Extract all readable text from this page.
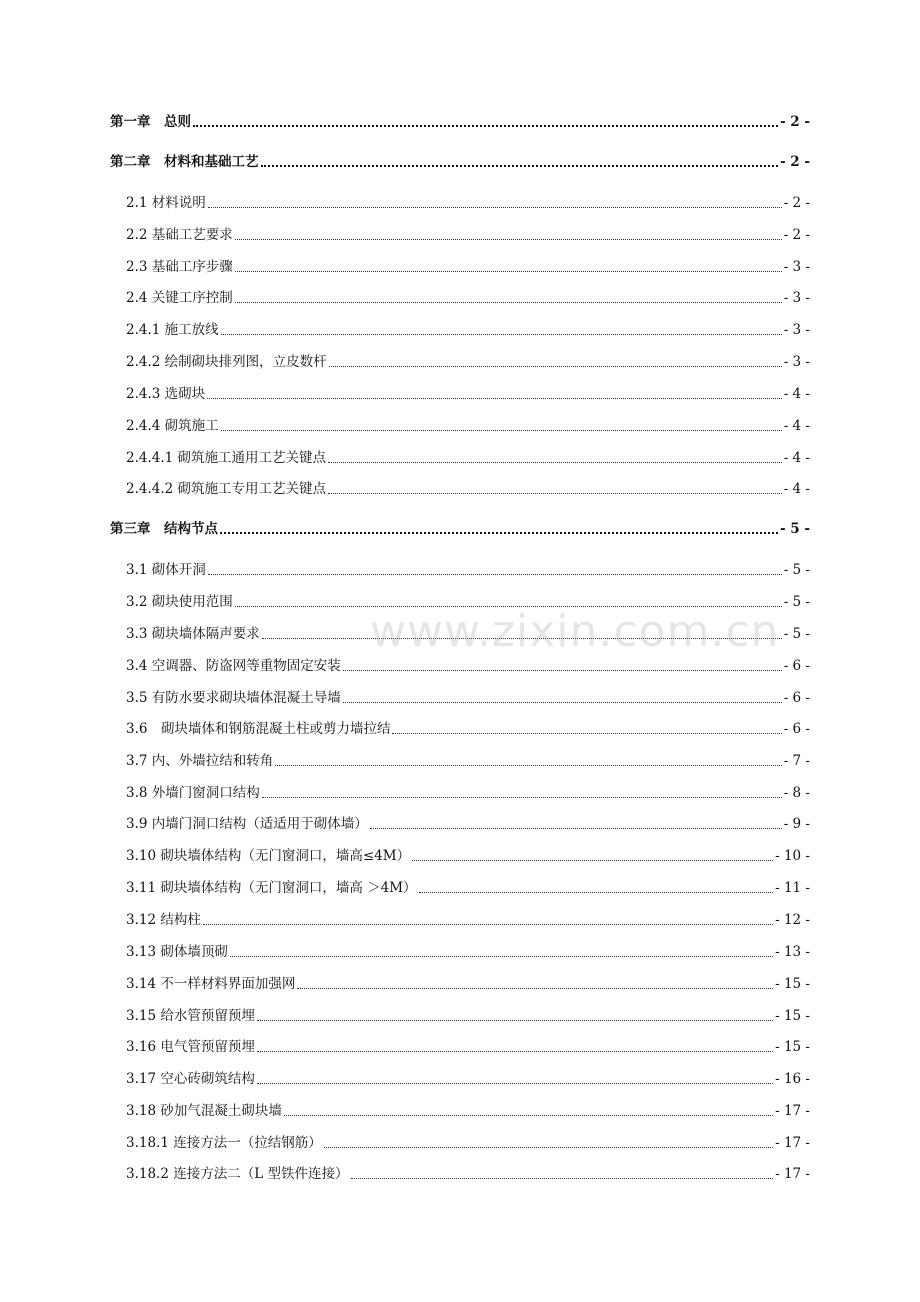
第一章　总则	- 2 -
第二章　材料和基础工艺	- 2 -
2.1 材料说明	- 2 -
2.2 基础工艺要求	- 2 -
2.3 基础工序步骤	- 3 -
2.4 关键工序控制	- 3 -
2.4.1 施工放线	- 3 -
2.4.2 绘制砌块排列图，立皮数杆	- 3 -
2.4.3 选砌块	- 4 -
2.4.4 砌筑施工	- 4 -
2.4.4.1 砌筑施工通用工艺关键点	- 4 -
2.4.4.2 砌筑施工专用工艺关键点	- 4 -
第三章　结构节点	- 5 -
3.1 砌体开洞	- 5 -
3.2 砌块使用范围	- 5 -
3.3 砌块墙体隔声要求	- 5 -
3.4 空调器、防盗网等重物固定安装	- 6 -
3.5 有防水要求砌块墙体混凝土导墙	- 6 -
3.6　砌块墙体和钢筋混凝土柱或剪力墙拉结	- 6 -
3.7 内、外墙拉结和转角	- 7 -
3.8 外墙门窗洞口结构	- 8 -
3.9 内墙门洞口结构（适适用于砌体墙）	- 9 -
3.10 砌块墙体结构（无门窗洞口，墙高≤4M）	- 10 -
3.11 砌块墙体结构（无门窗洞口，墙高 ＞4M）	- 11 -
3.12 结构柱	- 12 -
3.13 砌体墙顶砌	- 13 -
3.14 不一样材料界面加强网	- 15 -
3.15 给水管预留预埋	- 15 -
3.16 电气管预留预埋	- 15 -
3.17 空心砖砌筑结构	- 16 -
3.18 砂加气混凝土砌块墙	- 17 -
3.18.1 连接方法一（拉结钢筋）	- 17 -
3.18.2 连接方法二（L 型铁件连接）	- 17 -
www.zixin.com.cn
